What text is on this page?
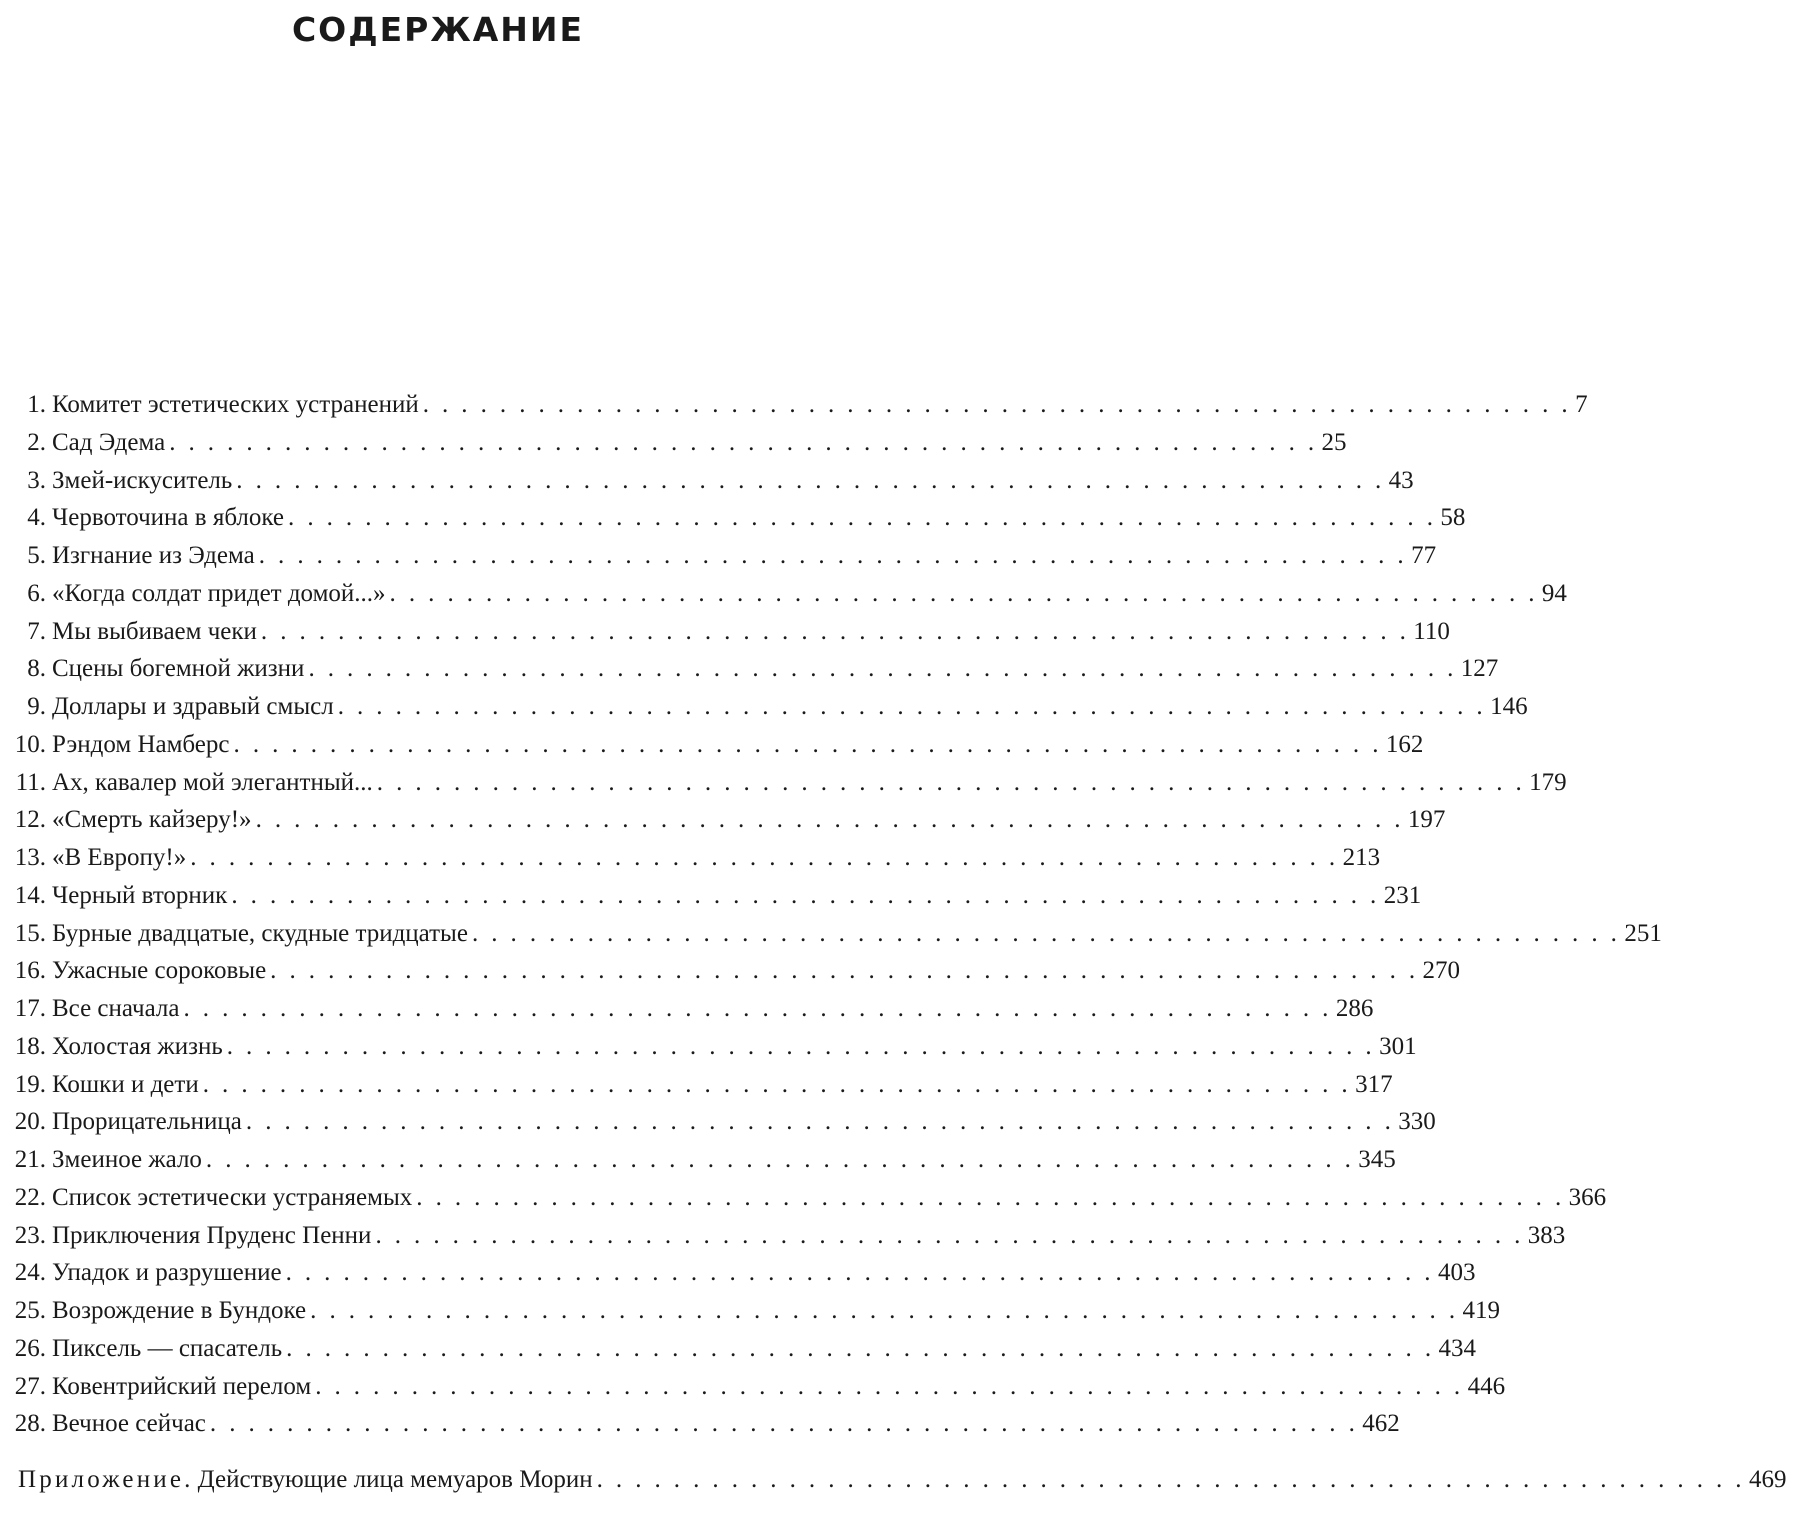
СОДЕРЖАНИЕ
1. Комитет эстетических устранений . . . . . . . . . . . . . . . . . . . . . . . . . . . . . . . . . . . . . . . . . . . . . . . . . . . . . . . . . . . . 7
2. Сад Эдема . . . . . . . . . . . . . . . . . . . . . . . . . . . . . . . . . . . . . . . . . . . . . . . . . . . . . . . . . . . . 25
3. Змей-искуситель . . . . . . . . . . . . . . . . . . . . . . . . . . . . . . . . . . . . . . . . . . . . . . . . . . . . . . . . . . . . 43
4. Червоточина в яблоке . . . . . . . . . . . . . . . . . . . . . . . . . . . . . . . . . . . . . . . . . . . . . . . . . . . . . . . . . . . . 58
5. Изгнание из Эдема . . . . . . . . . . . . . . . . . . . . . . . . . . . . . . . . . . . . . . . . . . . . . . . . . . . . . . . . . . . . 77
6. «Когда солдат придет домой...» . . . . . . . . . . . . . . . . . . . . . . . . . . . . . . . . . . . . . . . . . . . . . . . . . . . . . . . . . . . . 94
7. Мы выбиваем чеки . . . . . . . . . . . . . . . . . . . . . . . . . . . . . . . . . . . . . . . . . . . . . . . . . . . . . . . . . . . . 110
8. Сцены богемной жизни . . . . . . . . . . . . . . . . . . . . . . . . . . . . . . . . . . . . . . . . . . . . . . . . . . . . . . . . . . . . 127
9. Доллары и здравый смысл . . . . . . . . . . . . . . . . . . . . . . . . . . . . . . . . . . . . . . . . . . . . . . . . . . . . . . . . . . . . 146
10. Рэндом Намберс . . . . . . . . . . . . . . . . . . . . . . . . . . . . . . . . . . . . . . . . . . . . . . . . . . . . . . . . . . . . 162
11. Ах, кавалер мой элегантный... . . . . . . . . . . . . . . . . . . . . . . . . . . . . . . . . . . . . . . . . . . . . . . . . . . . . . . . . . . . . 179
12. «Смерть кайзеру!» . . . . . . . . . . . . . . . . . . . . . . . . . . . . . . . . . . . . . . . . . . . . . . . . . . . . . . . . . . . . 197
13. «В Европу!» . . . . . . . . . . . . . . . . . . . . . . . . . . . . . . . . . . . . . . . . . . . . . . . . . . . . . . . . . . . . 213
14. Черный вторник . . . . . . . . . . . . . . . . . . . . . . . . . . . . . . . . . . . . . . . . . . . . . . . . . . . . . . . . . . . . 231
15. Бурные двадцатые, скудные тридцатые . . . . . . . . . . . . . . . . . . . . . . . . . . . . . . . . . . . . . . . . . . . . . . . . . . . . . . . . . . . . 251
16. Ужасные сороковые . . . . . . . . . . . . . . . . . . . . . . . . . . . . . . . . . . . . . . . . . . . . . . . . . . . . . . . . . . . . 270
17. Все сначала . . . . . . . . . . . . . . . . . . . . . . . . . . . . . . . . . . . . . . . . . . . . . . . . . . . . . . . . . . . . 286
18. Холостая жизнь . . . . . . . . . . . . . . . . . . . . . . . . . . . . . . . . . . . . . . . . . . . . . . . . . . . . . . . . . . . . 301
19. Кошки и дети . . . . . . . . . . . . . . . . . . . . . . . . . . . . . . . . . . . . . . . . . . . . . . . . . . . . . . . . . . . . 317
20. Прорицательница . . . . . . . . . . . . . . . . . . . . . . . . . . . . . . . . . . . . . . . . . . . . . . . . . . . . . . . . . . . . 330
21. Змеиное жало . . . . . . . . . . . . . . . . . . . . . . . . . . . . . . . . . . . . . . . . . . . . . . . . . . . . . . . . . . . . 345
22. Список эстетически устраняемых . . . . . . . . . . . . . . . . . . . . . . . . . . . . . . . . . . . . . . . . . . . . . . . . . . . . . . . . . . . . 366
23. Приключения Пруденс Пенни . . . . . . . . . . . . . . . . . . . . . . . . . . . . . . . . . . . . . . . . . . . . . . . . . . . . . . . . . . . . 383
24. Упадок и разрушение . . . . . . . . . . . . . . . . . . . . . . . . . . . . . . . . . . . . . . . . . . . . . . . . . . . . . . . . . . . . 403
25. Возрождение в Бундоке . . . . . . . . . . . . . . . . . . . . . . . . . . . . . . . . . . . . . . . . . . . . . . . . . . . . . . . . . . . . 419
26. Пиксель — спасатель . . . . . . . . . . . . . . . . . . . . . . . . . . . . . . . . . . . . . . . . . . . . . . . . . . . . . . . . . . . . 434
27. Ковентрийский перелом . . . . . . . . . . . . . . . . . . . . . . . . . . . . . . . . . . . . . . . . . . . . . . . . . . . . . . . . . . . . 446
28. Вечное сейчас . . . . . . . . . . . . . . . . . . . . . . . . . . . . . . . . . . . . . . . . . . . . . . . . . . . . . . . . . . . . 462
Приложение. Действующие лица мемуаров Морин . . . . . . . . . . . . . . . . . . . . . . . . . . . . . . . . . . . . . . . . . . . . . . . . . . . . . . . . . . . . 469
